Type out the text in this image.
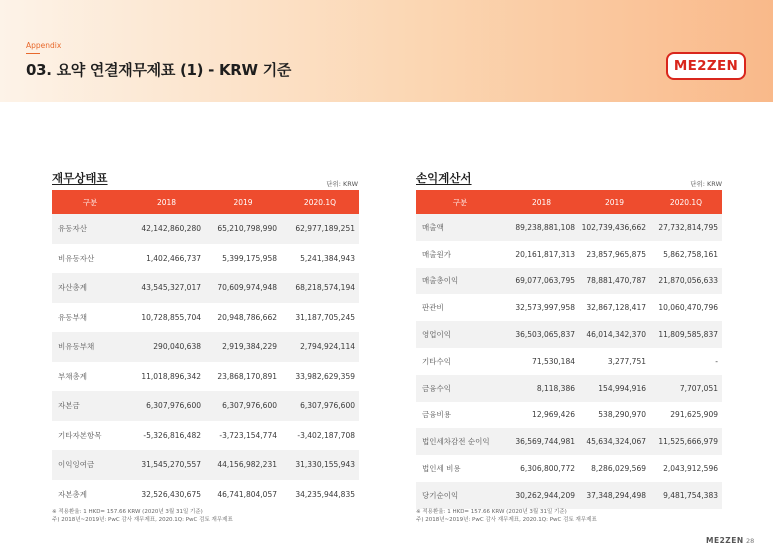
Appendix
03. 요약 연결재무제표 (1) - KRW 기준	ME2ZEN
재무상태표	단위: KRW
구분	2018	2019	2020.1Q
유동자산	42,142,860,280	65,210,798,990	62,977,189,251
비유동자산	1,402,466,737	5,399,175,958	5,241,384,943
자산총계	43,545,327,017	70,609,974,948	68,218,574,194
유동부채	10,728,855,704	20,948,786,662	31,187,705,245
비유동부채	290,040,638	2,919,384,229	2,794,924,114
부채총계	11,018,896,342	23,868,170,891	33,982,629,359
자본금	6,307,976,600	6,307,976,600	6,307,976,600
기타자본항목	-5,326,816,482	-3,723,154,774	-3,402,187,708
이익잉여금	31,545,270,557	44,156,982,231	31,330,155,943
자본총계	32,526,430,675	46,741,804,057	34,235,944,835
※ 적용환율: 1 HKD= 157.66 KRW (2020년 3월 31일 기준)
주) 2018년~2019년: PwC 감사 재무제표, 2020.1Q: PwC 검토 재무제표
손익계산서	단위: KRW
구분	2018	2019	2020.1Q
매출액	89,238,881,108	102,739,436,662	27,732,814,795
매출원가	20,161,817,313	23,857,965,875	5,862,758,161
매출총이익	69,077,063,795	78,881,470,787	21,870,056,633
판관비	32,573,997,958	32,867,128,417	10,060,470,796
영업이익	36,503,065,837	46,014,342,370	11,809,585,837
기타수익	71,530,184	3,277,751	-
금융수익	8,118,386	154,994,916	7,707,051
금융비용	12,969,426	538,290,970	291,625,909
법인세차감전 순이익	36,569,744,981	45,634,324,067	11,525,666,979
법인세 비용	6,306,800,772	8,286,029,569	2,043,912,596
당기순이익	30,262,944,209	37,348,294,498	9,481,754,383
※ 적용환율: 1 HKD= 157.66 KRW (2020년 3월 31일 기준)
주) 2018년~2019년: PwC 감사 재무제표, 2020.1Q: PwC 검토 재무제표
ME2ZEN 28
